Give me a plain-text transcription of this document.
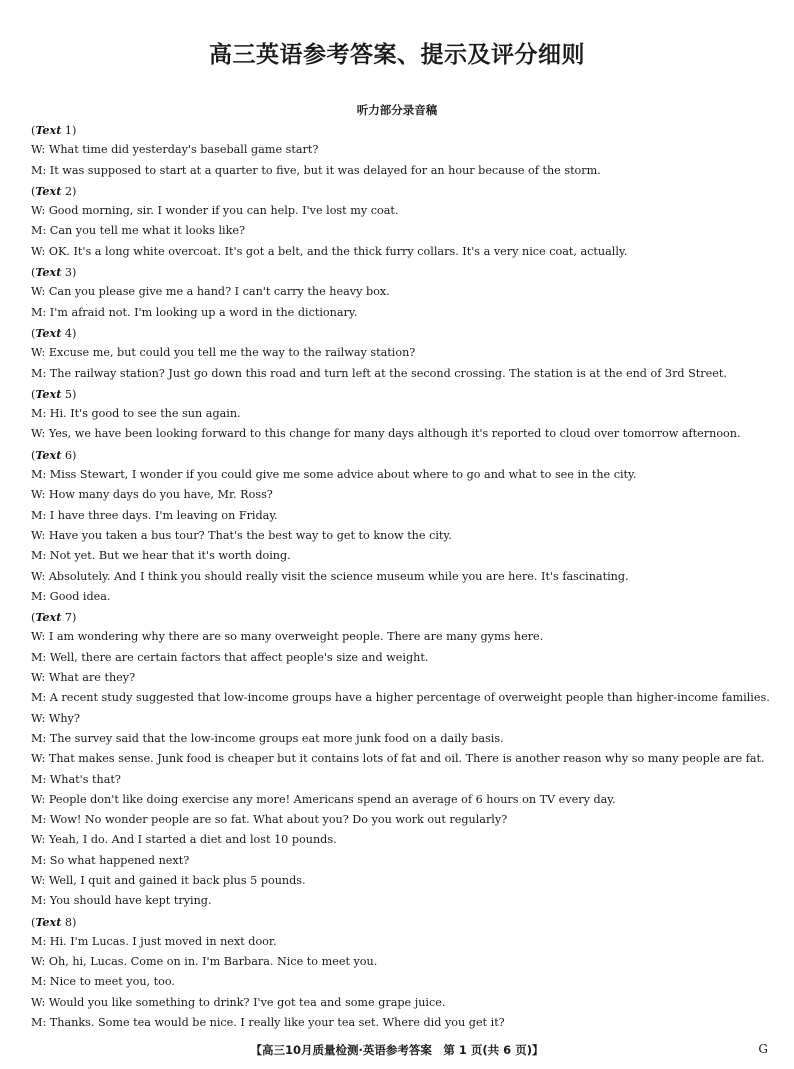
高三英语参考答案、提示及评分细则
听力部分录音稿
(Text 1)
W: What time did yesterday's baseball game start?
M: It was supposed to start at a quarter to five, but it was delayed for an hour because of the storm.
(Text 2)
W: Good morning, sir. I wonder if you can help. I've lost my coat.
M: Can you tell me what it looks like?
W: OK. It's a long white overcoat. It's got a belt, and the thick furry collars. It's a very nice coat, actually.
(Text 3)
W: Can you please give me a hand? I can't carry the heavy box.
M: I'm afraid not. I'm looking up a word in the dictionary.
(Text 4)
W: Excuse me, but could you tell me the way to the railway station?
M: The railway station? Just go down this road and turn left at the second crossing. The station is at the end of 3rd Street.
(Text 5)
M: Hi. It's good to see the sun again.
W: Yes, we have been looking forward to this change for many days although it's reported to cloud over tomorrow afternoon.
(Text 6)
M: Miss Stewart, I wonder if you could give me some advice about where to go and what to see in the city.
W: How many days do you have, Mr. Ross?
M: I have three days. I'm leaving on Friday.
W: Have you taken a bus tour? That's the best way to get to know the city.
M: Not yet. But we hear that it's worth doing.
W: Absolutely. And I think you should really visit the science museum while you are here. It's fascinating.
M: Good idea.
(Text 7)
W: I am wondering why there are so many overweight people. There are many gyms here.
M: Well, there are certain factors that affect people's size and weight.
W: What are they?
M: A recent study suggested that low-income groups have a higher percentage of overweight people than higher-income families.
W: Why?
M: The survey said that the low-income groups eat more junk food on a daily basis.
W: That makes sense. Junk food is cheaper but it contains lots of fat and oil. There is another reason why so many people are fat.
M: What's that?
W: People don't like doing exercise any more! Americans spend an average of 6 hours on TV every day.
M: Wow! No wonder people are so fat. What about you? Do you work out regularly?
W: Yeah, I do. And I started a diet and lost 10 pounds.
M: So what happened next?
W: Well, I quit and gained it back plus 5 pounds.
M: You should have kept trying.
(Text 8)
M: Hi. I'm Lucas. I just moved in next door.
W: Oh, hi, Lucas. Come on in. I'm Barbara. Nice to meet you.
M: Nice to meet you, too.
W: Would you like something to drink? I've got tea and some grape juice.
M: Thanks. Some tea would be nice. I really like your tea set. Where did you get it?
【高三10月质量检测·英语参考答案　第 1 页(共 6 页)】	G
